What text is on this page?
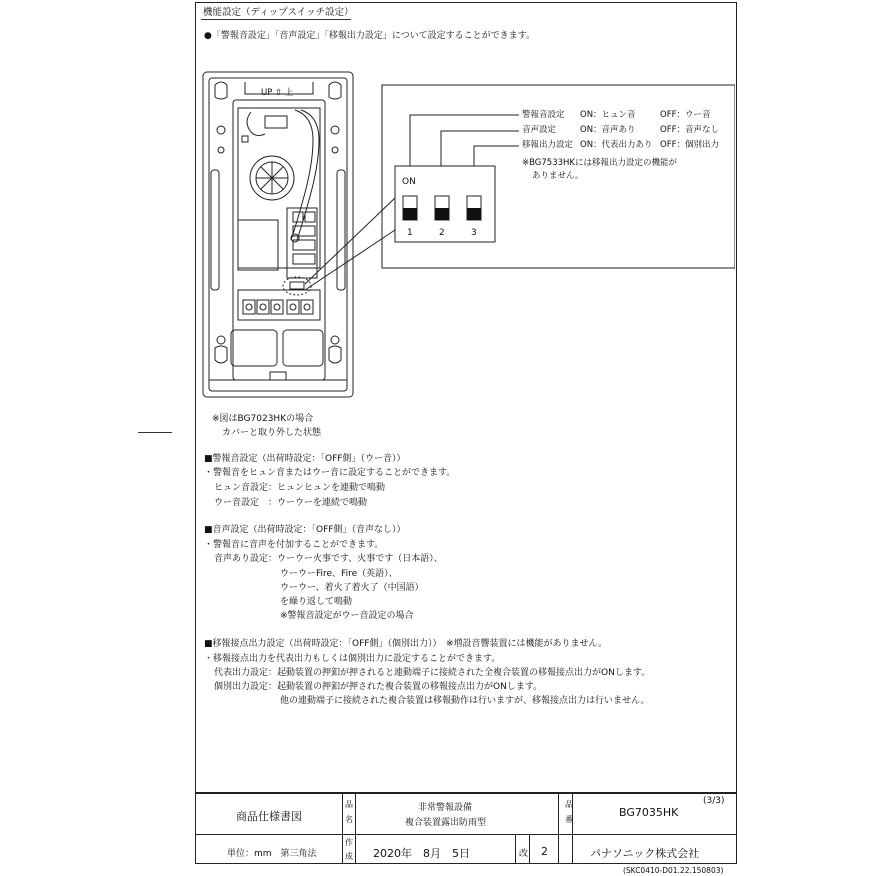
機能設定（ディップスイッチ設定）
●「警報音設定」「音声設定」「移報出力設定」について設定することができます。
UP ⇧ 上
警報音設定 ON：ヒュン音	OFF：ウー音
音声設定	ON：音声あり	OFF：音声なし
移報出力設定 ON：代表出力あり OFF：個別出力
※BG7533HKには移報出力設定の機能が
ありません。
ON
1	2	3
※図はBG7023HKの場合
カバーと取り外した状態
■警報音設定（出荷時設定：「OFF側」（ウー音））
・警報音をヒュン音またはウー音に設定することができます。
ヒュン音設定：ヒュンヒュンを連動で鳴動
ウー音設定　：ウーウーを連続で鳴動
■音声設定（出荷時設定：「OFF側」（音声なし））
・警報音に音声を付加することができます。
音声あり設定：ウーウー火事です、火事です（日本語）、
ウーウーFire、Fire（英語）、
ウーウー、着火了着火了（中国語）
を繰り返して鳴動
※警報音設定がウー音設定の場合
■移報接点出力設定（出荷時設定：「OFF側」（個別出力））　※増設音響装置には機能がありません。
・移報接点出力を代表出力もしくは個別出力に設定することができます。
代表出力設定：起動装置の押釦が押されると連動端子に接続された全複合装置の移報接点出力がONします。
個別出力設定：起動装置の押釦が押された複合装置の移報接点出力がONします。
他の連動端子に接続された複合装置は移報動作は行いますが、移報接点出力は行いません。
商品仕様書図
品
名
非常警報設備
複合装置露出防雨型
品
番
(3/3)
BG7035HK
単位：mm　第三角法
作
成 2020年　8月　5日	改 2	パナソニック株式会社
(SKC0410-D01.22.150803)
